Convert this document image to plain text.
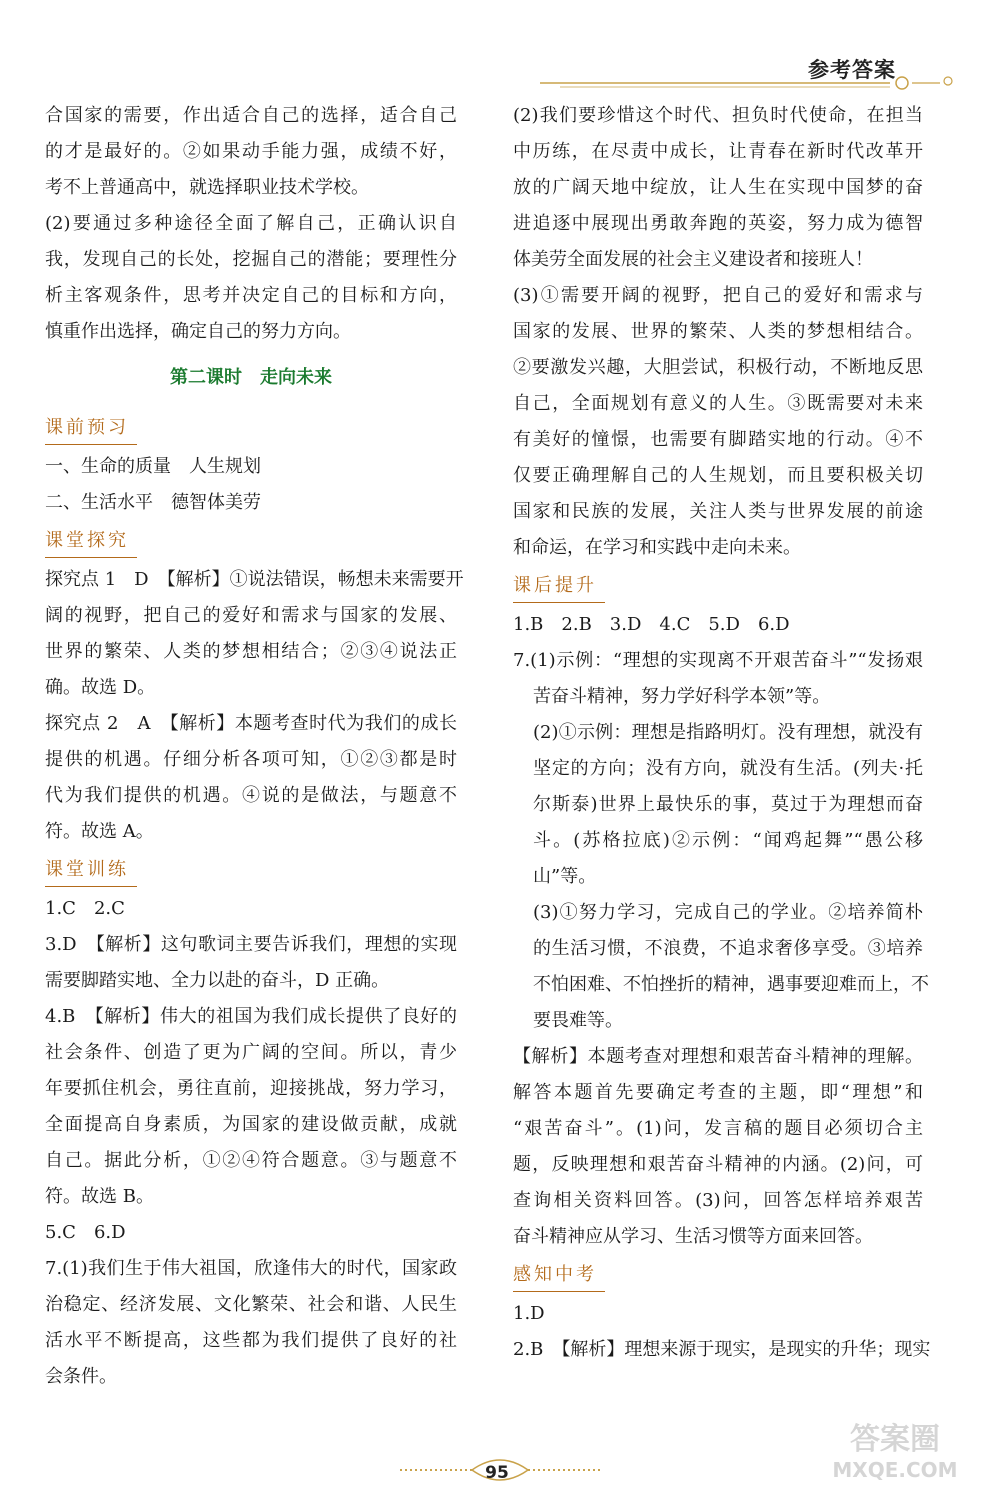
参考答案
合国家的需要，作出适合自己的选择，适合自己
的才是最好的。②如果动手能力强，成绩不好，
考不上普通高中，就选择职业技术学校。
(2)要通过多种途径全面了解自己，正确认识自
我，发现自己的长处，挖掘自己的潜能；要理性分
析主客观条件，思考并决定自己的目标和方向，
慎重作出选择，确定自己的努力方向。
第二课时　走向未来
课前预习
一、生命的质量　人生规划
二、生活水平　德智体美劳
课堂探究
探究点 1　D　【解析】①说法错误，畅想未来需要开
阔的视野，把自己的爱好和需求与国家的发展、
世界的繁荣、人类的梦想相结合；②③④说法正
确。故选 D。
探究点 2　A　【解析】本题考查时代为我们的成长
提供的机遇。仔细分析各项可知，①②③都是时
代为我们提供的机遇。④说的是做法，与题意不
符。故选 A。
课堂训练
1.C　2.C
3.D　【解析】这句歌词主要告诉我们，理想的实现
需要脚踏实地、全力以赴的奋斗，D 正确。
4.B　【解析】伟大的祖国为我们成长提供了良好的
社会条件、创造了更为广阔的空间。所以，青少
年要抓住机会，勇往直前，迎接挑战，努力学习，
全面提高自身素质，为国家的建设做贡献，成就
自己。据此分析，①②④符合题意。③与题意不
符。故选 B。
5.C　6.D
7.(1)我们生于伟大祖国，欣逢伟大的时代，国家政
治稳定、经济发展、文化繁荣、社会和谐、人民生
活水平不断提高，这些都为我们提供了良好的社
会条件。
(2)我们要珍惜这个时代、担负时代使命，在担当
中历练，在尽责中成长，让青春在新时代改革开
放的广阔天地中绽放，让人生在实现中国梦的奋
进追逐中展现出勇敢奔跑的英姿，努力成为德智
体美劳全面发展的社会主义建设者和接班人！
(3)①需要开阔的视野，把自己的爱好和需求与
国家的发展、世界的繁荣、人类的梦想相结合。
②要激发兴趣，大胆尝试，积极行动，不断地反思
自己，全面规划有意义的人生。③既需要对未来
有美好的憧憬，也需要有脚踏实地的行动。④不
仅要正确理解自己的人生规划，而且要积极关切
国家和民族的发展，关注人类与世界发展的前途
和命运，在学习和实践中走向未来。
课后提升
1.B　2.B　3.D　4.C　5.D　6.D
7.(1)示例：“理想的实现离不开艰苦奋斗”“发扬艰
苦奋斗精神，努力学好科学本领”等。
(2)①示例：理想是指路明灯。没有理想，就没有
坚定的方向；没有方向，就没有生活。(列夫·托
尔斯泰)世界上最快乐的事，莫过于为理想而奋
斗。(苏格拉底)②示例：“闻鸡起舞”“愚公移
山”等。
(3)①努力学习，完成自己的学业。②培养简朴
的生活习惯，不浪费，不追求奢侈享受。③培养
不怕困难、不怕挫折的精神，遇事要迎难而上，不
要畏难等。
【解析】本题考查对理想和艰苦奋斗精神的理解。
解答本题首先要确定考查的主题，即“理想”和
“艰苦奋斗”。(1)问，发言稿的题目必须切合主
题，反映理想和艰苦奋斗精神的内涵。(2)问，可
查询相关资料回答。(3)问，回答怎样培养艰苦
奋斗精神应从学习、生活习惯等方面来回答。
感知中考
1.D
2.B　【解析】理想来源于现实，是现实的升华；现实
95
答案圈
MXQE.COM
